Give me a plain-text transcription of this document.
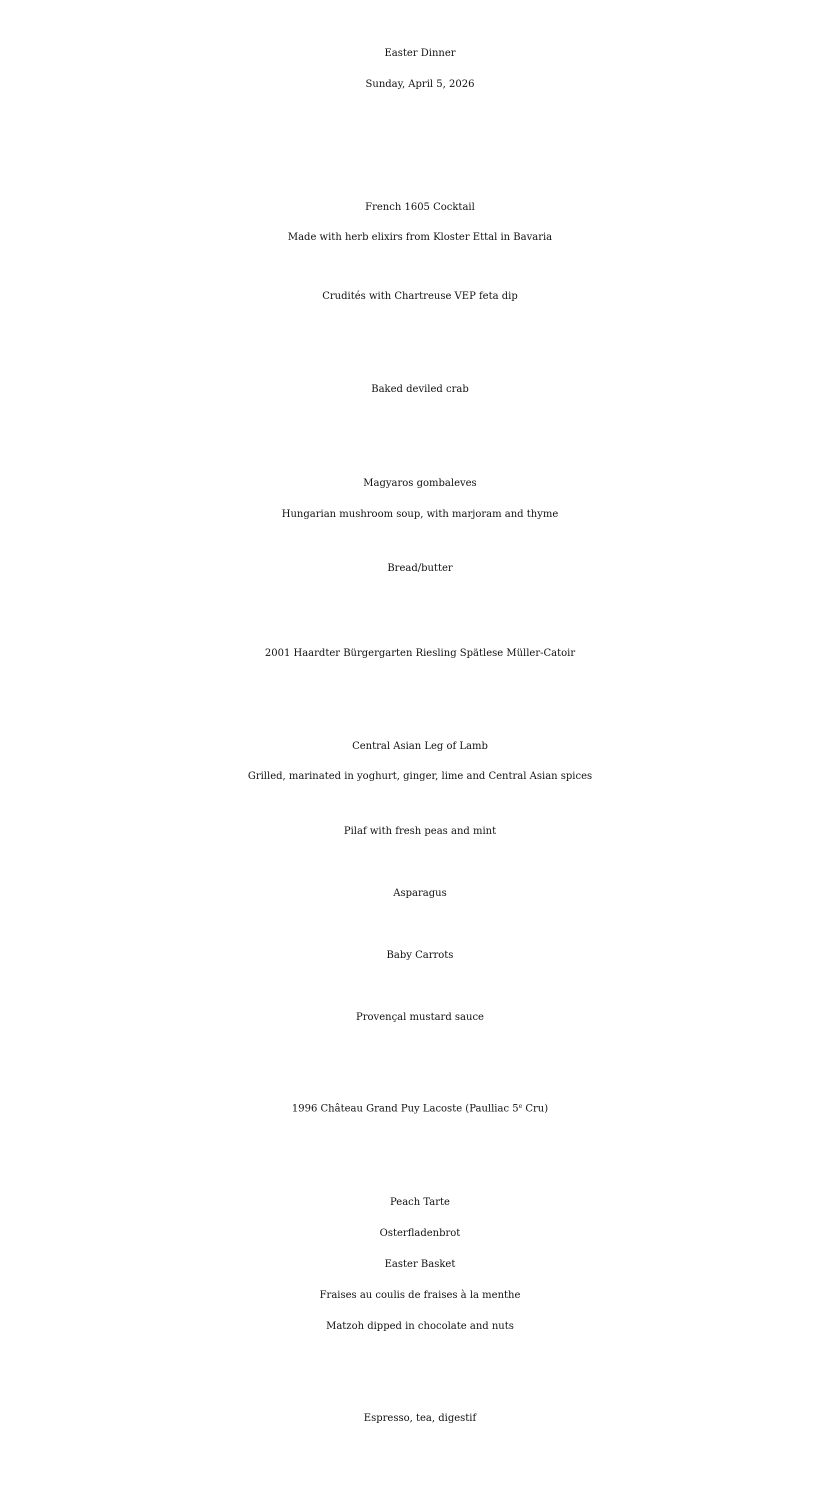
Easter Dinner

Sunday, April 5, 2026

French 1605 Cocktail

Made with herb elixirs from Kloster Ettal in Bavaria

Crudités with Chartreuse VEP feta dip

Baked deviled crab

Magyaros gombaleves

Hungarian mushroom soup, with marjoram and thyme

Bread/butter

2001 Haardter Bürgergarten Riesling Spätlese Müller-Catoir

Central Asian Leg of Lamb

Grilled, marinated in yoghurt, ginger, lime and Central Asian spices

Pilaf with fresh peas and mint

Asparagus

Baby Carrots

Provençal mustard sauce

1996 Château Grand Puy Lacoste (Paulliac 5e Cru)

Peach Tarte

Osterfladenbrot

Easter Basket

Fraises au coulis de fraises à la menthe

Matzoh dipped in chocolate and nuts

Espresso, tea, digestif
